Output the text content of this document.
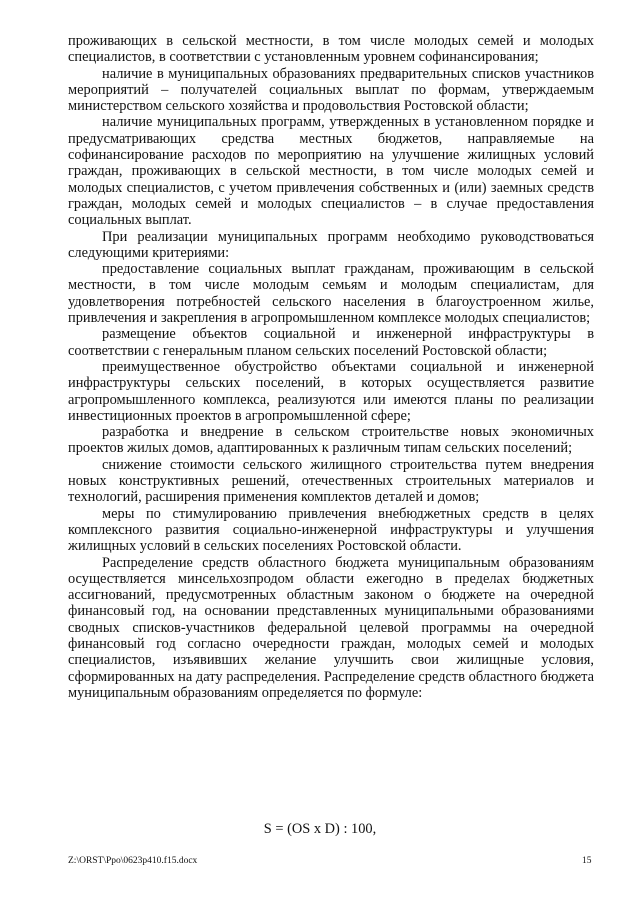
проживающих в сельской местности, в том числе молодых семей и молодых специалистов, в соответствии с установленным уровнем софинансирования;

наличие в муниципальных образованиях предварительных списков участников мероприятий – получателей социальных выплат по формам, утверждаемым министерством сельского хозяйства и продовольствия Ростовской области;

наличие муниципальных программ, утвержденных в установленном порядке и предусматривающих средства местных бюджетов, направляемые на софинансирование расходов по мероприятию на улучшение жилищных условий граждан, проживающих в сельской местности, в том числе молодых семей и молодых специалистов, с учетом привлечения собственных и (или) заемных средств граждан, молодых семей и молодых специалистов – в случае предоставления социальных выплат.

При реализации муниципальных программ необходимо руководствоваться следующими критериями:

предоставление социальных выплат гражданам, проживающим в сельской местности, в том числе молодым семьям и молодым специалистам, для удовлетворения потребностей сельского населения в благоустроенном жилье, привлечения и закрепления в агропромышленном комплексе молодых специалистов;

размещение объектов социальной и инженерной инфраструктуры в соответствии с генеральным планом сельских поселений Ростовской области;

преимущественное обустройство объектами социальной и инженерной инфраструктуры сельских поселений, в которых осуществляется развитие агропромышленного комплекса, реализуются или имеются планы по реализации инвестиционных проектов в агропромышленной сфере;

разработка и внедрение в сельском строительстве новых экономичных проектов жилых домов, адаптированных к различным типам сельских поселений;

снижение стоимости сельского жилищного строительства путем внедрения новых конструктивных решений, отечественных строительных материалов и технологий, расширения применения комплектов деталей и домов;

меры по стимулированию привлечения внебюджетных средств в целях комплексного развития социально-инженерной инфраструктуры и улучшения жилищных условий в сельских поселениях Ростовской области.

Распределение средств областного бюджета муниципальным образованиям осуществляется минсельхозпродом области ежегодно в пределах бюджетных ассигнований, предусмотренных областным законом о бюджете на очередной финансовый год, на основании представленных муниципальными образованиями сводных списков-участников федеральной целевой программы на очередной финансовый год согласно очередности граждан, молодых семей и молодых специалистов, изъявивших желание улучшить свои жилищные условия, сформированных на дату распределения. Распределение средств областного бюджета муниципальным образованиям определяется по формуле:

S = (OS x D) : 100,
Z:\ORST\Ppo\0623p410.f15.docx	15
